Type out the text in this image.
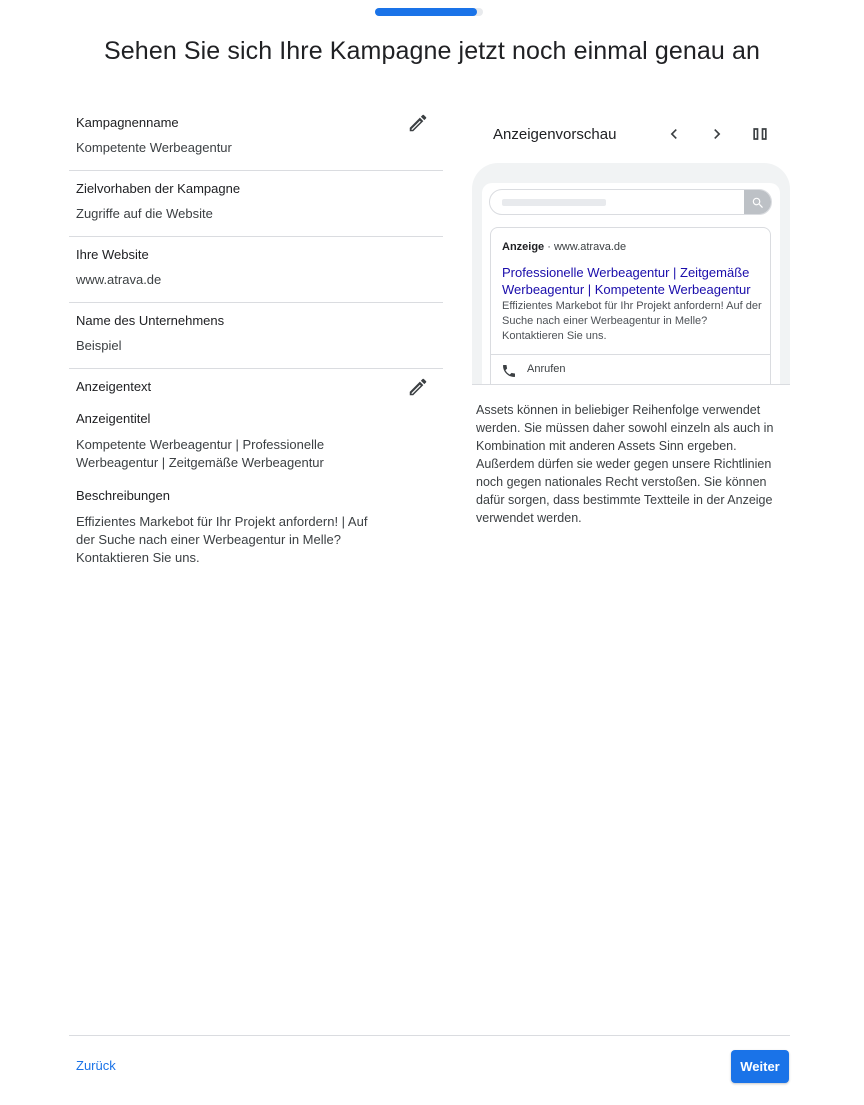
Sehen Sie sich Ihre Kampagne jetzt noch einmal genau an
Kampagnenname
Kompetente Werbeagentur
Zielvorhaben der Kampagne
Zugriffe auf die Website
Ihre Website
www.atrava.de
Name des Unternehmens
Beispiel
Anzeigentext
Anzeigentitel
Kompetente Werbeagentur | Professionelle Werbeagentur | Zeitgemäße Werbeagentur
Beschreibungen
Effizientes Markebot für Ihr Projekt anfordern! | Auf der Suche nach einer Werbeagentur in Melle? Kontaktieren Sie uns.
Anzeigenvorschau
Anzeige · www.atrava.de
Professionelle Werbeagentur | Zeitgemäße Werbeagentur | Kompetente Werbeagentur
Effizientes Markebot für Ihr Projekt anfordern! Auf der Suche nach einer Werbeagentur in Melle? Kontaktieren Sie uns.
Anrufen
Assets können in beliebiger Reihenfolge verwendet werden. Sie müssen daher sowohl einzeln als auch in Kombination mit anderen Assets Sinn ergeben. Außerdem dürfen sie weder gegen unsere Richtlinien noch gegen nationales Recht verstoßen. Sie können dafür sorgen, dass bestimmte Textteile in der Anzeige verwendet werden.
Zurück	Weiter
